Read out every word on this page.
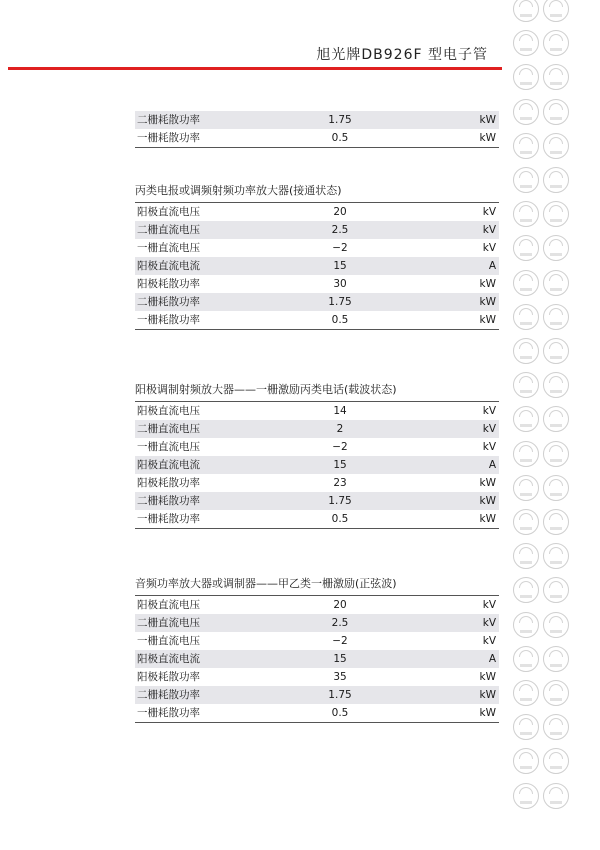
旭光牌DB926F 型电子管
二栅耗散功率	1.75	kW
一栅耗散功率	0.5	kW
丙类电报或调频射频功率放大器(接通状态)
阳极直流电压	20	kV
二栅直流电压	2.5	kV
一栅直流电压	−2	kV
阳极直流电流	15	A
阳极耗散功率	30	kW
二栅耗散功率	1.75	kW
一栅耗散功率	0.5	kW
阳极调制射频放大器——一栅激励丙类电话(载波状态)
阳极直流电压	14	kV
二栅直流电压	2	kV
一栅直流电压	−2	kV
阳极直流电流	15	A
阳极耗散功率	23	kW
二栅耗散功率	1.75	kW
一栅耗散功率	0.5	kW
音频功率放大器或调制器——甲乙类一栅激励(正弦波)
阳极直流电压	20	kV
二栅直流电压	2.5	kV
一栅直流电压	−2	kV
阳极直流电流	15	A
阳极耗散功率	35	kW
二栅耗散功率	1.75	kW
一栅耗散功率	0.5	kW
